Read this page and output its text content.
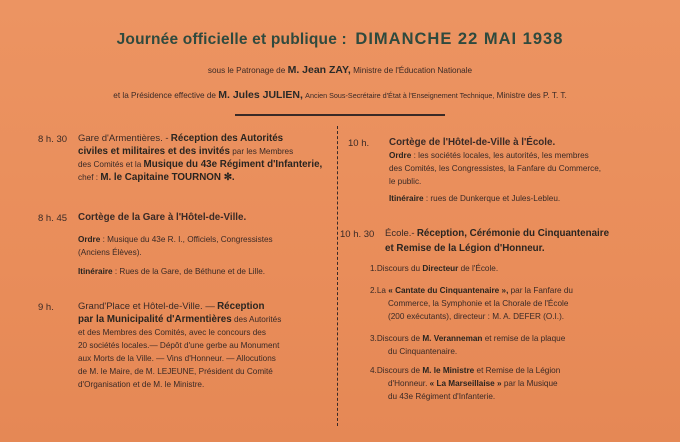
Journée officielle et publique : DIMANCHE 22 MAI 1938
sous le Patronage de M. Jean ZAY, Ministre de l'Éducation Nationale
et la Présidence effective de M. Jules JULIEN, Ancien Sous-Secrétaire d'État à l'Enseignement Technique, Ministre des P. T. T.
8 h. 30 Gare d'Armentières. - Réception des Autorités
civiles et militaires et des invités par les Membres
des Comités et la Musique du 43e Régiment d'Infanterie,
chef : M. le Capitaine TOURNON ✻.
8 h. 45 Cortège de la Gare à l'Hôtel-de-Ville.
Ordre : Musique du 43e R. I., Officiels, Congressistes
(Anciens Élèves).
Itinéraire : Rues de la Gare, de Béthune et de Lille.
9 h.	Grand'Place et Hôtel-de-Ville. — Réception
par la Municipalité d'Armentières des Autorités
et des Membres des Comités, avec le concours des
20 sociétés locales.— Dépôt d'une gerbe au Monument
aux Morts de la Ville. — Vins d'Honneur. — Allocutions
de M. le Maire, de M. LEJEUNE, Président du Comité
d'Organisation et de M. le Ministre.
10 h. Cortège de l'Hôtel-de-Ville à l'École.
Ordre : les sociétés locales, les autorités, les membres
des Comités, les Congressistes, la Fanfare du Commerce,
le public.
Itinéraire : rues de Dunkerque et Jules-Lebleu.
10 h. 30 École.- Réception, Cérémonie du Cinquantenaire
et Remise de la Légion d'Honneur.
1.Discours du Directeur de l'École.
2.La « Cantate du Cinquantenaire », par la Fanfare du
Commerce, la Symphonie et la Chorale de l'École
(200 exécutants), directeur : M. A. DEFER (O.I.).
3.Discours de M. Veranneman et remise de la plaque
du Cinquantenaire.
4.Discours de M. le Ministre et Remise de la Légion
d'Honneur. « La Marseillaise » par la Musique
du 43e Régiment d'Infanterie.
